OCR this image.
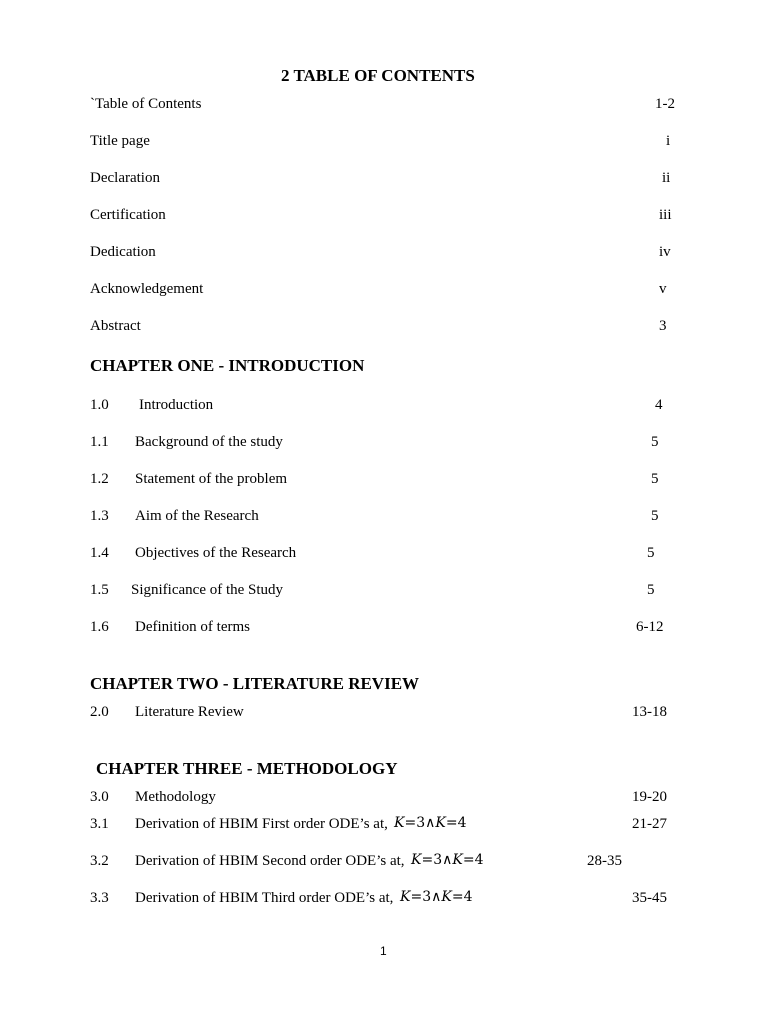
2 TABLE OF CONTENTS
`Table of Contents	1-2
Title page	i
Declaration	ii
Certification	iii
Dedication	iv
Acknowledgement	v
Abstract	3
CHAPTER ONE - INTRODUCTION
1.0 Introduction	4
1.1 Background of the study	5
1.2 Statement of the problem	5
1.3 Aim of the Research	5
1.4 Objectives of the Research	5
1.5 Significance of the Study	5
1.6 Definition of terms	6-12
CHAPTER TWO - LITERATURE REVIEW
2.0 Literature Review	13-18
CHAPTER THREE - METHODOLOGY
3.0 Methodology	19-20
3.1 Derivation of HBIM First order ODE’s at, K=3∧K=4	21-27
3.2 Derivation of HBIM Second order ODE’s at, K=3∧K=4	28-35
3.3 Derivation of HBIM Third order ODE’s at, K=3∧K=4	35-45
1
